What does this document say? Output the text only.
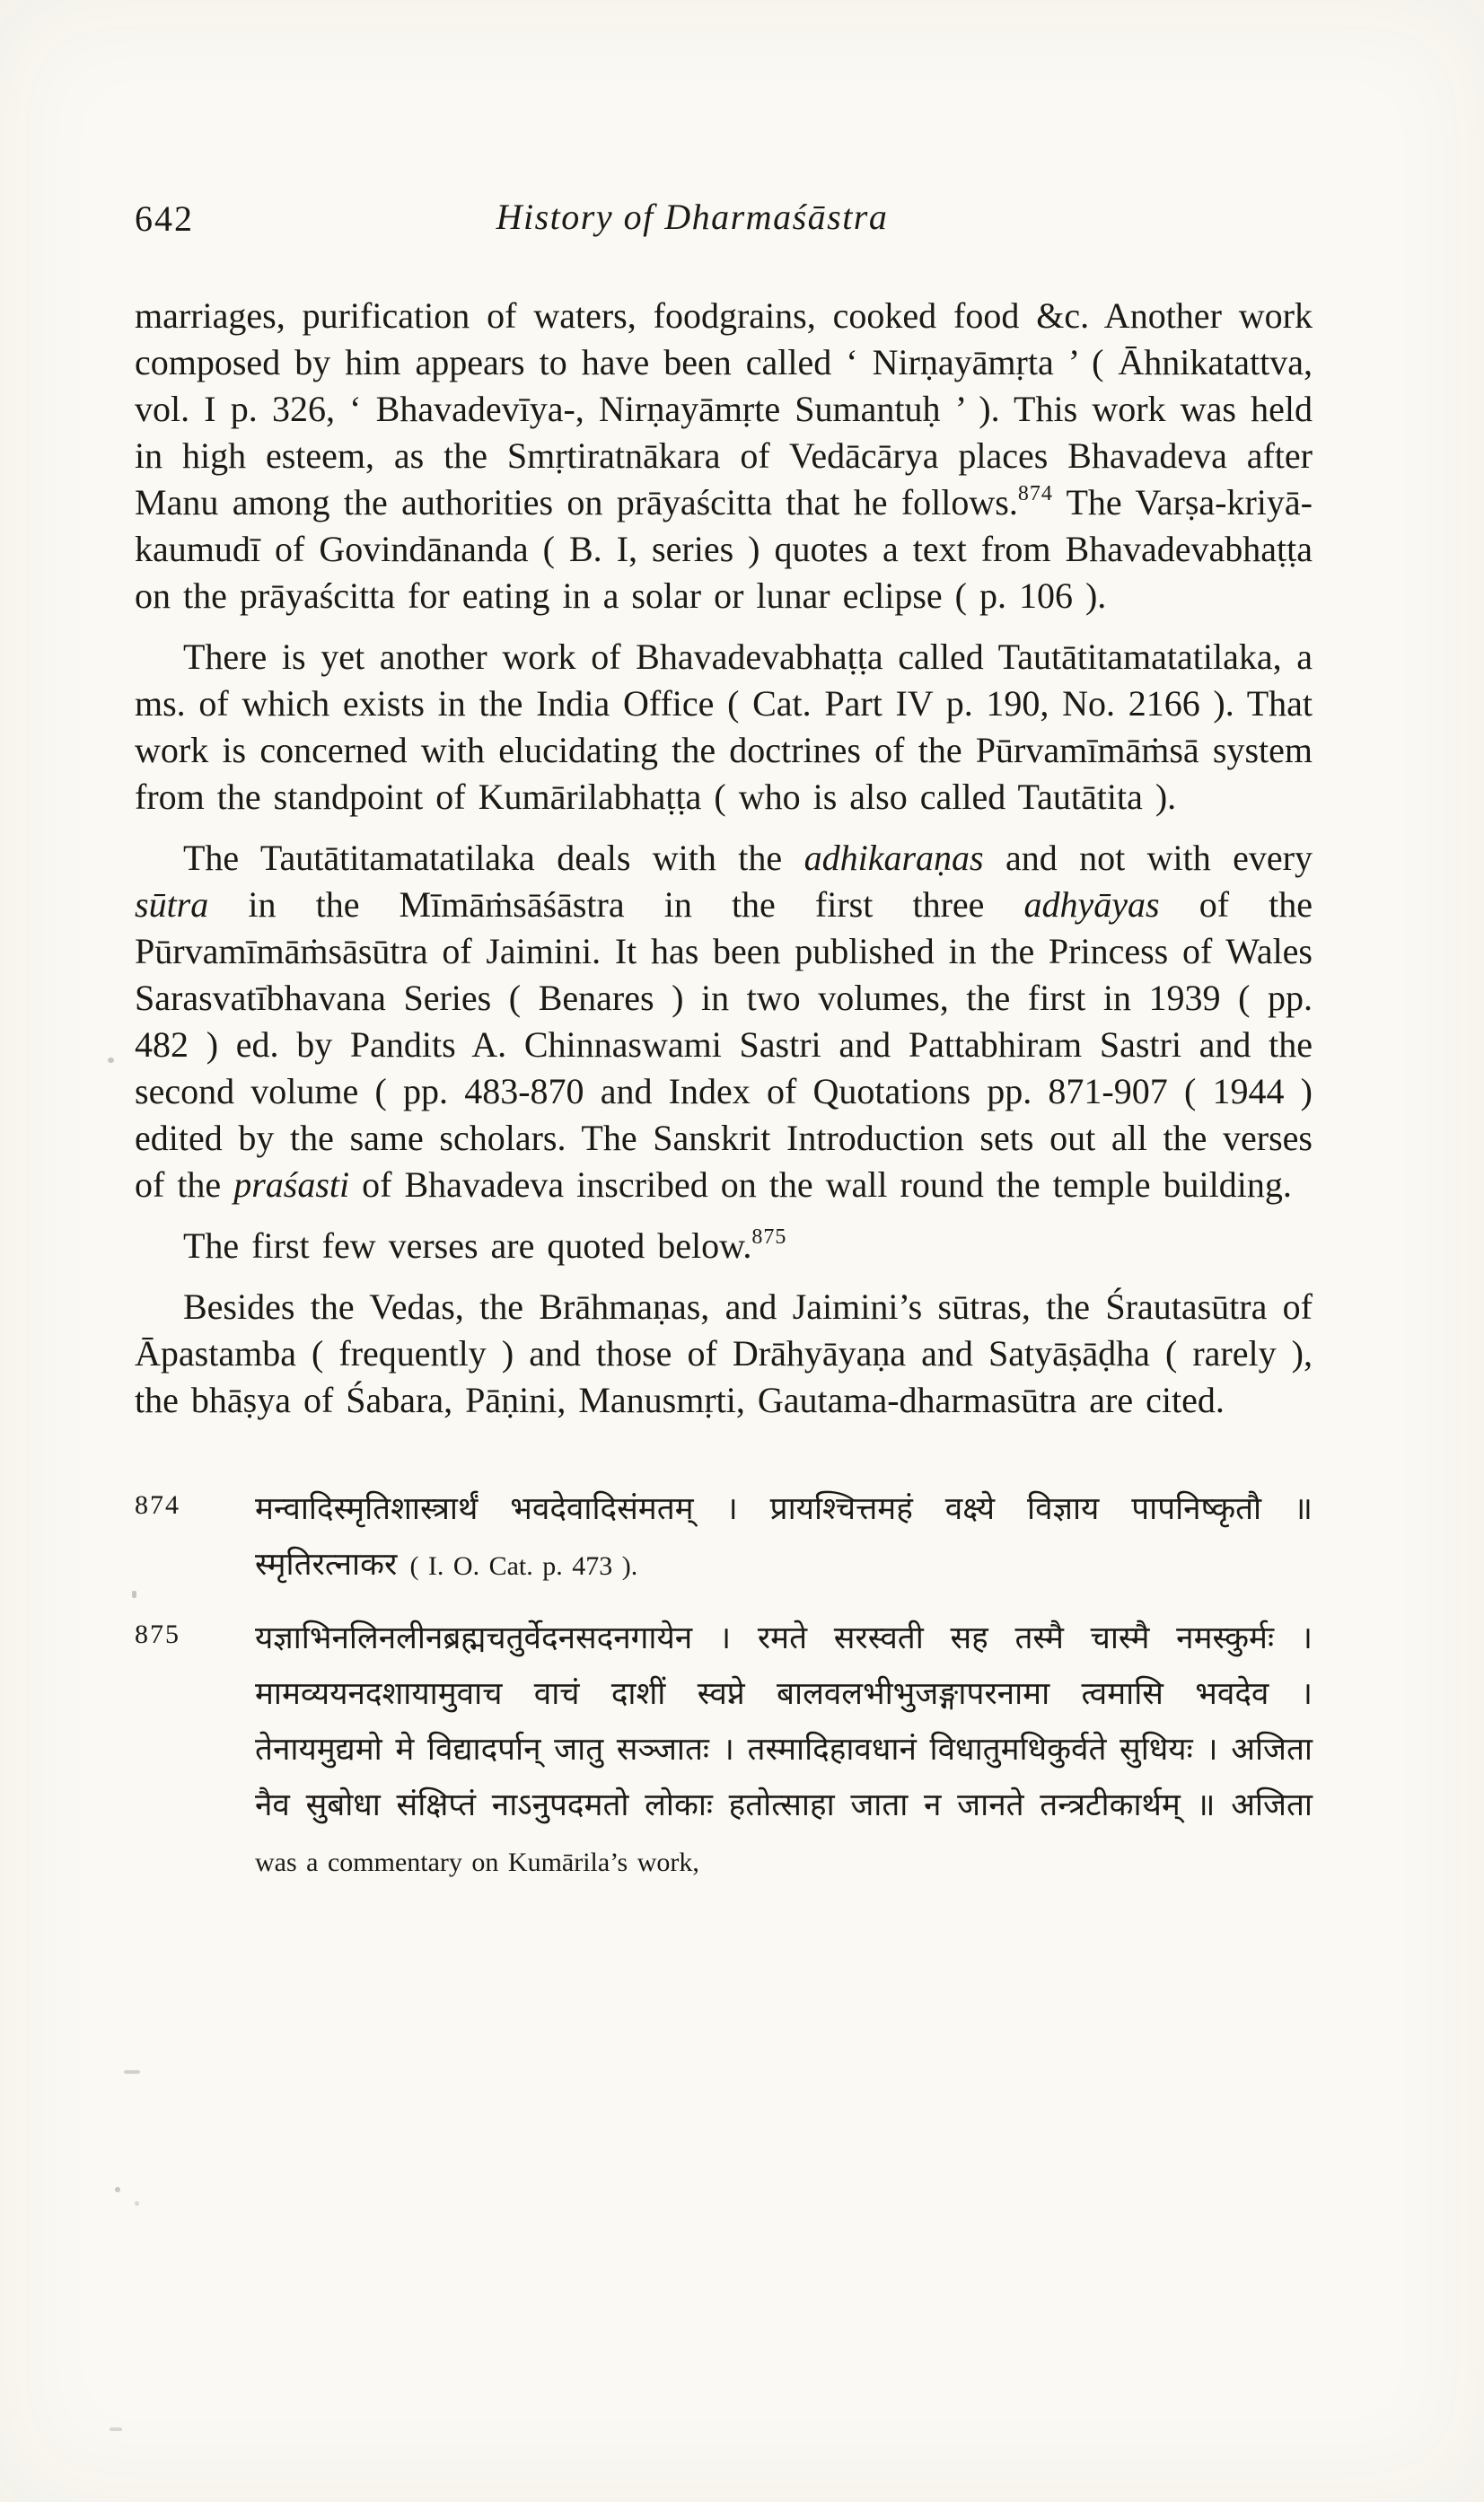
642	History of Dharmaśāstra

marriages, purification of waters, foodgrains, cooked food &c. Another work composed by him appears to have been called ‘ Nirṇayāmṛta ’ ( Āhnikatattva, vol. I p. 326, ‘ Bhavadevīya-, Nirṇayāmṛte Sumantuḥ ’ ). This work was held in high esteem, as the Smṛtiratnākara of Vedācārya places Bhavadeva after Manu among the authorities on prāyaścitta that he follows.$^{874}$ The Varṣa-kriyā-kaumudī of Govindānanda ( B. I, series ) quotes a text from Bhavadevabhaṭṭa on the prāyaścitta for eating in a solar or lunar eclipse ( p. 106 ).

There is yet another work of Bhavadevabhaṭṭa called Tautātitamatatilaka, a ms. of which exists in the India Office ( Cat. Part IV p. 190, No. 2166 ). That work is concerned with elucidating the doctrines of the Pūrvamīmāṁsā system from the standpoint of Kumārilabhaṭṭa ( who is also called Tautātita ).

The Tautātitamatatilaka deals with the adhikaraṇas and not with every sūtra in the Mīmāṁsāśāstra in the first three adhyāyas of the Pūrvamīmāṁsāsūtra of Jaimini. It has been published in the Princess of Wales Sarasvatībhavana Series ( Benares ) in two volumes, the first in 1939 ( pp. 482 ) ed. by Pandits A. Chinnaswami Sastri and Pattabhiram Sastri and the second volume ( pp. 483-870 and Index of Quotations pp. 871-907 ( 1944 ) edited by the same scholars. The Sanskrit Introduction sets out all the verses of the praśasti of Bhavadeva inscribed on the wall round the temple building.

The first few verses are quoted below.$^{875}$

Besides the Vedas, the Brāhmaṇas, and Jaimini’s sūtras, the Śrautasūtra of Āpastamba ( frequently ) and those of Drāhyāyaṇa and Satyāṣāḍha ( rarely ), the bhāṣya of Śabara, Pāṇini, Manusmṛti, Gautama-dharmasūtra are cited.

874	मन्वादिस्मृतिशास्त्रार्थं भवदेवादिसंमतम् । प्रायश्चित्तमहं वक्ष्ये विज्ञाय पापनिष्कृतौ ॥ स्मृतिरत्नाकर ( I. O. Cat. p. 473 ).
875	यज्ञाभिनलिनलीनब्रह्मचतुर्वेदनसदनगायेन । रमते सरस्वती सह तस्मै चास्मै नमस्कुर्मः । मामव्ययनदशायामुवाच वाचं दाशीं स्वप्ने बालवलभीभुजङ्गापरनामा त्वमासि भवदेव । तेनायमुद्यमो मे विद्यादर्पान् जातु सञ्जातः । तस्मादिहावधानं विधातुमधिकुर्वते सुधियः । अजिता नैव सुबोधा संक्षिप्तं नाऽनुपदमतो लोकाः हतोत्साहा जाता न जानते तन्त्रटीकार्थम् ॥ अजिता was a commentary on Kumārila’s work,
